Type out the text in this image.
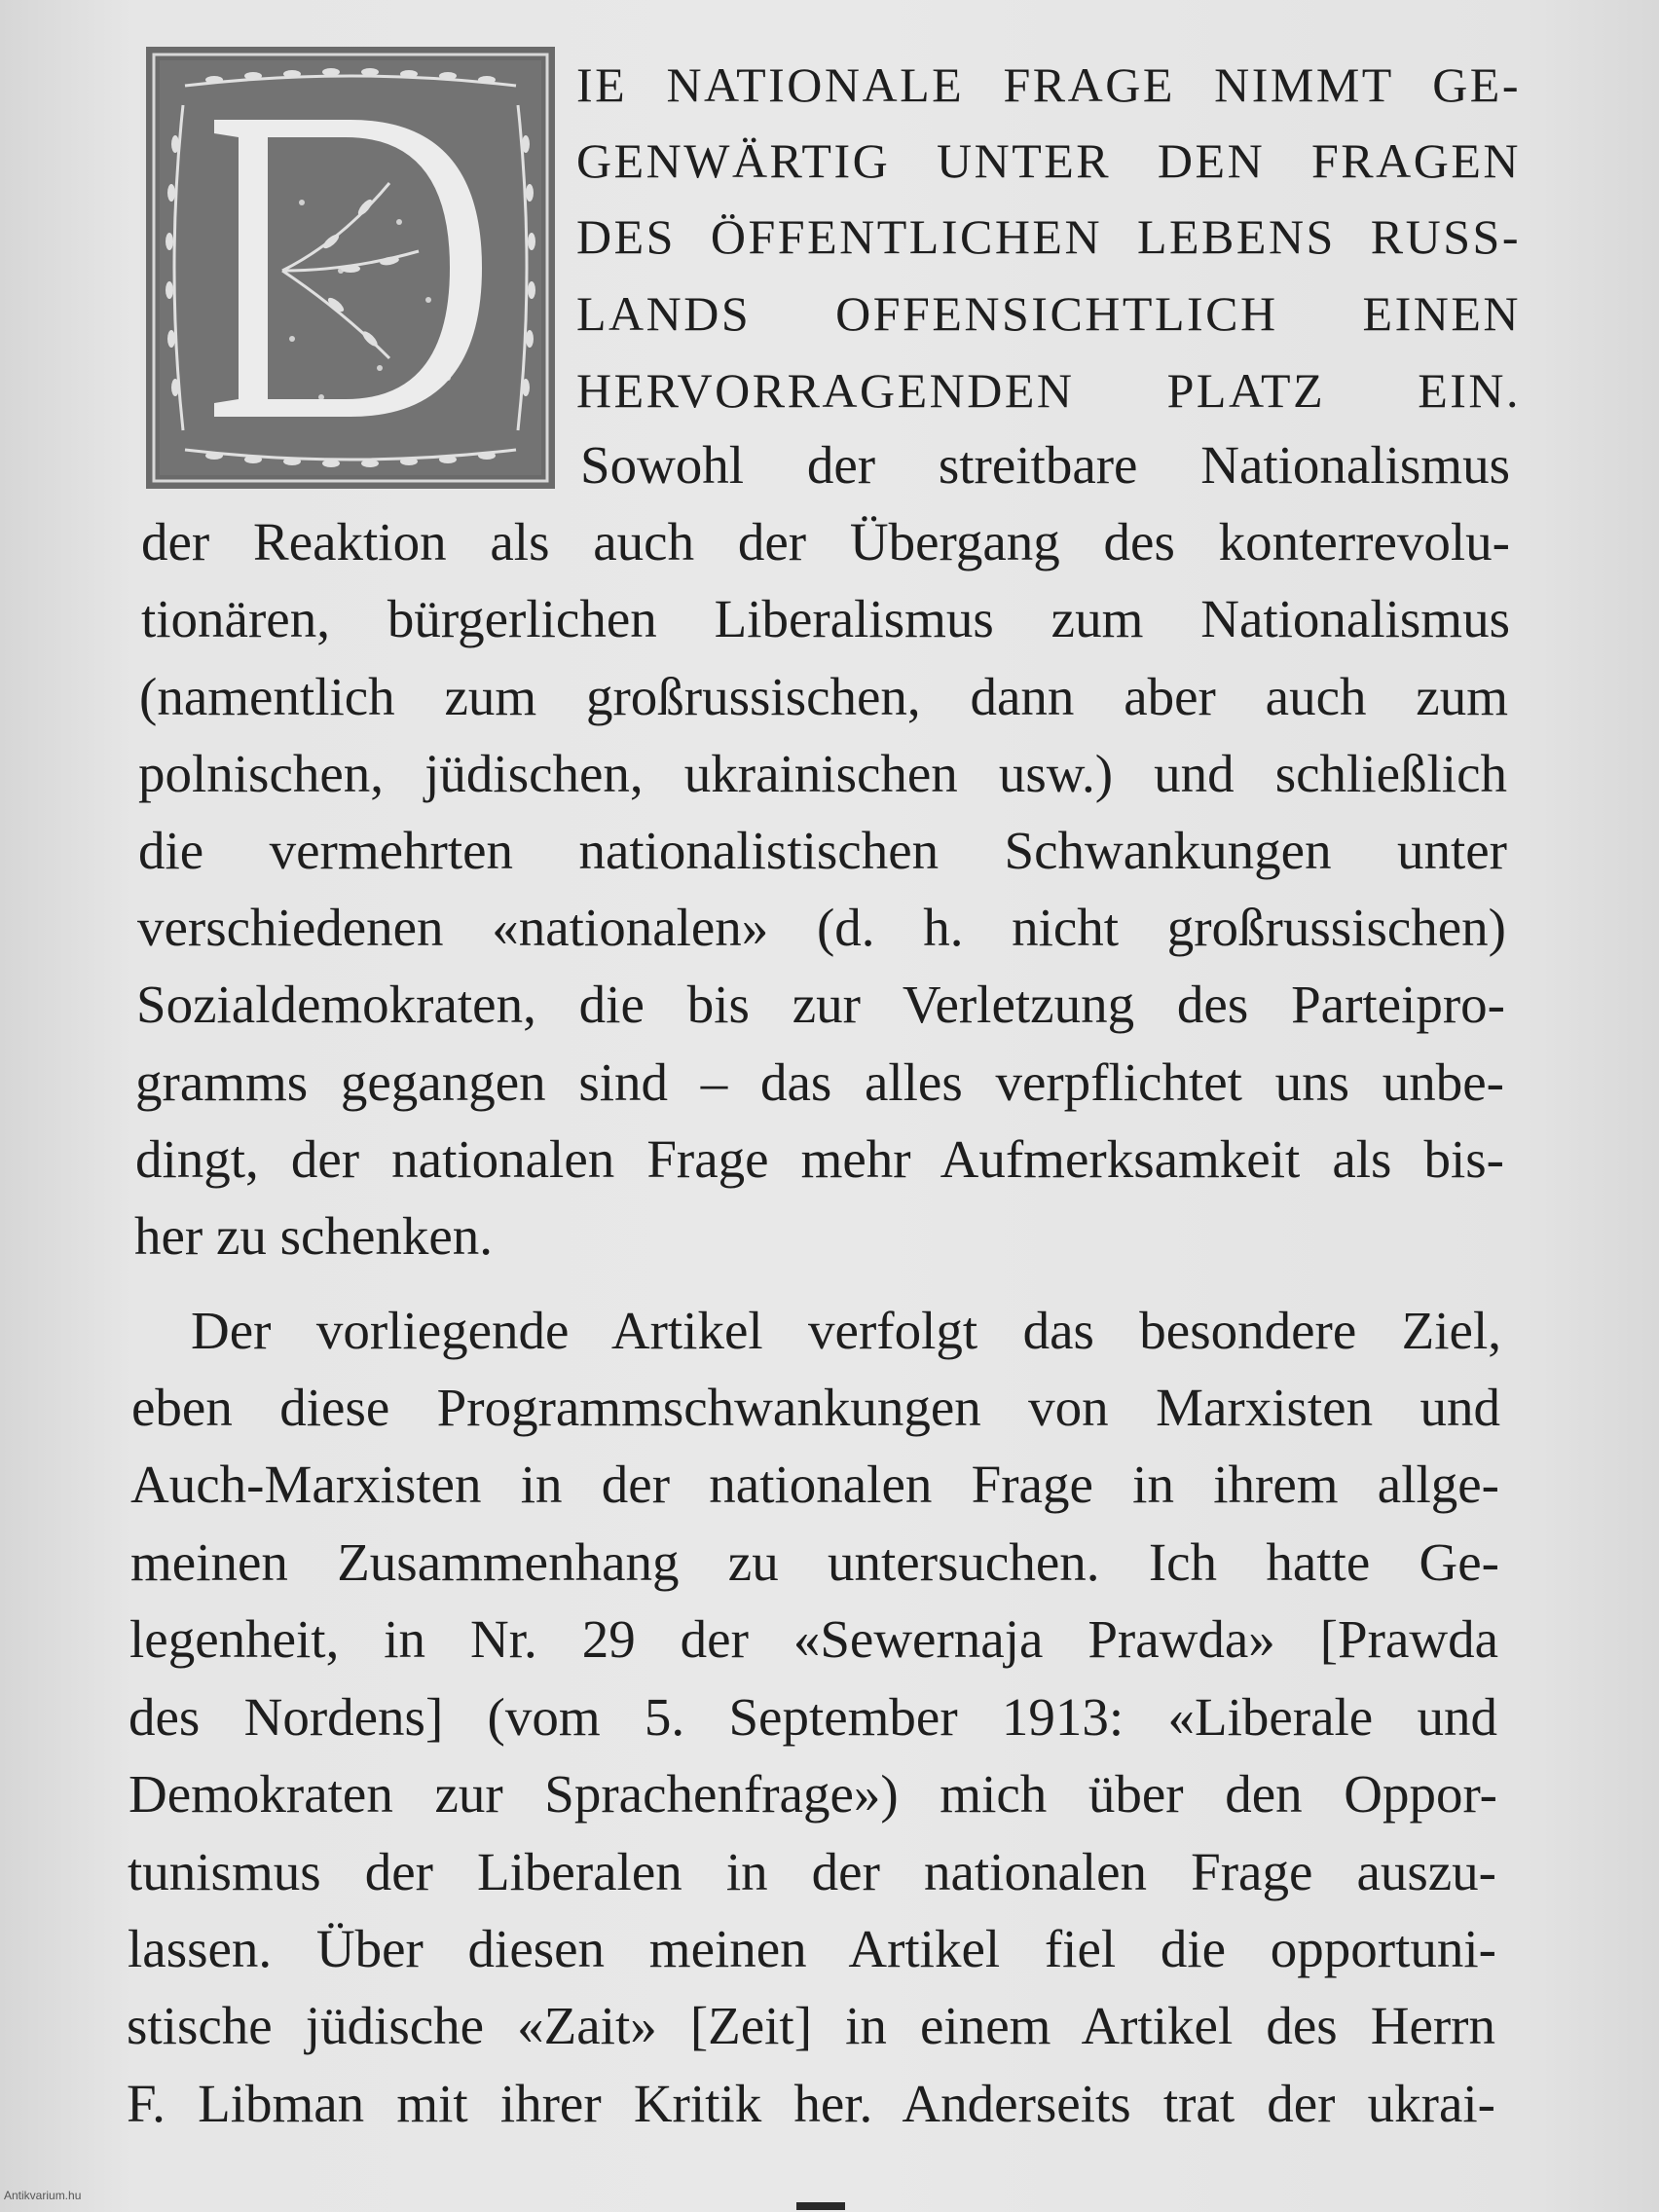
IE NATIONALE FRAGE NIMMT GE-
GENWÄRTIG UNTER DEN FRAGEN
DES ÖFFENTLICHEN LEBENS RUSS-
LANDS OFFENSICHTLICH EINEN
HERVORRAGENDEN PLATZ EIN.
Sowohl der streitbare Nationalismus
der Reaktion als auch der Übergang des konterrevolu-
tionären, bürgerlichen Liberalismus zum Nationalismus
(namentlich zum großrussischen, dann aber auch zum
polnischen, jüdischen, ukrainischen usw.) und schließlich
die vermehrten nationalistischen Schwankungen unter
verschiedenen «nationalen» (d. h. nicht großrussischen)
Sozialdemokraten, die bis zur Verletzung des Parteipro-
gramms gegangen sind – das alles verpflichtet uns unbe-
dingt, der nationalen Frage mehr Aufmerksamkeit als bis-
her zu schenken.
Der vorliegende Artikel verfolgt das besondere Ziel,
eben diese Programmschwankungen von Marxisten und
Auch-Marxisten in der nationalen Frage in ihrem allge-
meinen Zusammenhang zu untersuchen. Ich hatte Ge-
legenheit, in Nr. 29 der «Sewernaja Prawda» [Prawda
des Nordens] (vom 5. September 1913: «Liberale und
Demokraten zur Sprachenfrage») mich über den Oppor-
tunismus der Liberalen in der nationalen Frage auszu-
lassen. Über diesen meinen Artikel fiel die opportuni-
stische jüdische «Zait» [Zeit] in einem Artikel des Herrn
F. Libman mit ihrer Kritik her. Anderseits trat der ukrai-
Antikvarium.hu
